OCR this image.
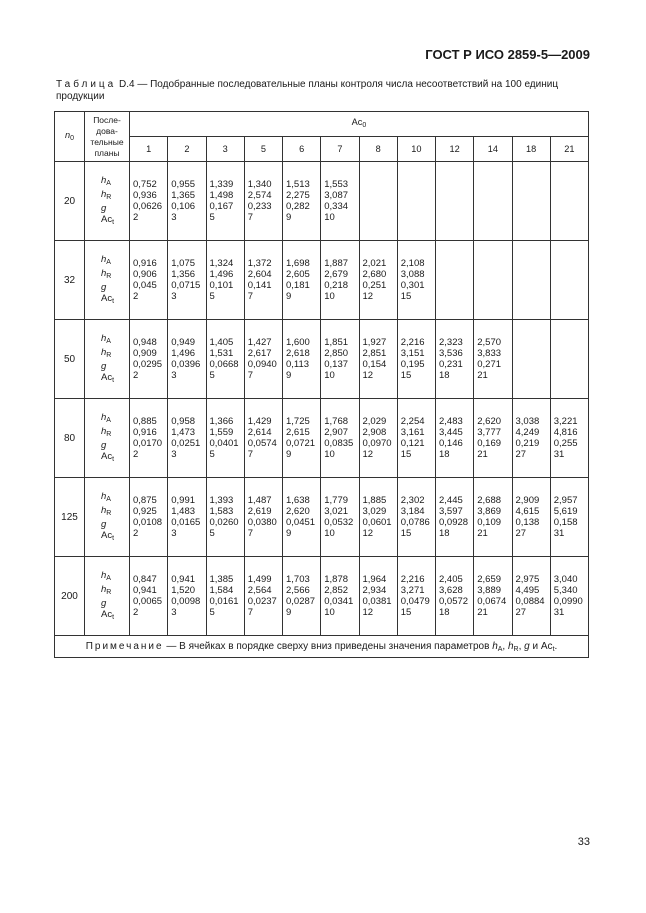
ГОСТ Р ИСО 2859-5—2009
Таблица D.4 — Подобранные последовательные планы контроля числа несоответствий на 100 единиц продукции
$n_0$	После-
дова-
тельные
планы	$Ac_0$
		1	2	3	5	6	7	8	10	12	14	18	21
20	$h_A$
$h_R$
g
$Ac_t$	0,752
0,936
0,0626
2	0,955
1,365
0,106
3	1,339
1,498
0,167
5	1,340
2,574
0,233
7	1,513
2,275
0,282
9	1,553
3,087
0,334
10						

32	$h_A$
$h_R$
g
$Ac_t$	0,916
0,906
0,045
2	1,075
1,356
0,0715
3	1,324
1,496
0,101
5	1,372
2,604
0,141
7	1,698
2,605
0,181
9	1,887
2,679
0,218
10	2,021
2,680
0,251
12	2,108
3,088
0,301
15				

50	$h_A$
$h_R$
g
$Ac_t$	0,948
0,909
0,0295
2	0,949
1,496
0,0396
3	1,405
1,531
0,0668
5	1,427
2,617
0,0940
7	1,600
2,618
0,113
9	1,851
2,850
0,137
10	1,927
2,851
0,154
12	2,216
3,151
0,195
15	2,323
3,536
0,231
18	2,570
3,833
0,271
21		

80	$h_A$
$h_R$
g
$Ac_t$	0,885
0,916
0,0170
2	0,958
1,473
0,0251
3	1,366
1,559
0,0401
5	1,429
2,614
0,0574
7	1,725
2,615
0,0721
9	1,768
2,907
0,0835
10	2,029
2,908
0,0970
12	2,254
3,161
0,121
15	2,483
3,445
0,146
18	2,620
3,777
0,169
21	3,038
4,249
0,219
27	3,221
4,816
0,255
31

125	$h_A$
$h_R$
g
$Ac_t$	0,875
0,925
0,0108
2	0,991
1,483
0,0165
3	1,393
1,583
0,0260
5	1,487
2,619
0,0380
7	1,638
2,620
0,0451
9	1,779
3,021
0,0532
10	1,885
3,029
0,0601
12	2,302
3,184
0,0786
15	2,445
3,597
0,0928
18	2,688
3,869
0,109
21	2,909
4,615
0,138
27	2,957
5,619
0,158
31

200	$h_A$
$h_R$
g
$Ac_t$	0,847
0,941
0,0065
2	0,941
1,520
0,0098
3	1,385
1,584
0,0161
5	1,499
2,564
0,0237
7	1,703
2,566
0,0287
9	1,878
2,852
0,0341
10	1,964
2,934
0,0381
12	2,216
3,271
0,0479
15	2,405
3,628
0,0572
18	2,659
3,889
0,0674
21	2,975
4,495
0,0884
27	3,040
5,340
0,0990
31

Примечание — В ячейках в порядке сверху вниз приведены значения параметров $h_A$, $h_R$, g и $Ac_t$.													
33
